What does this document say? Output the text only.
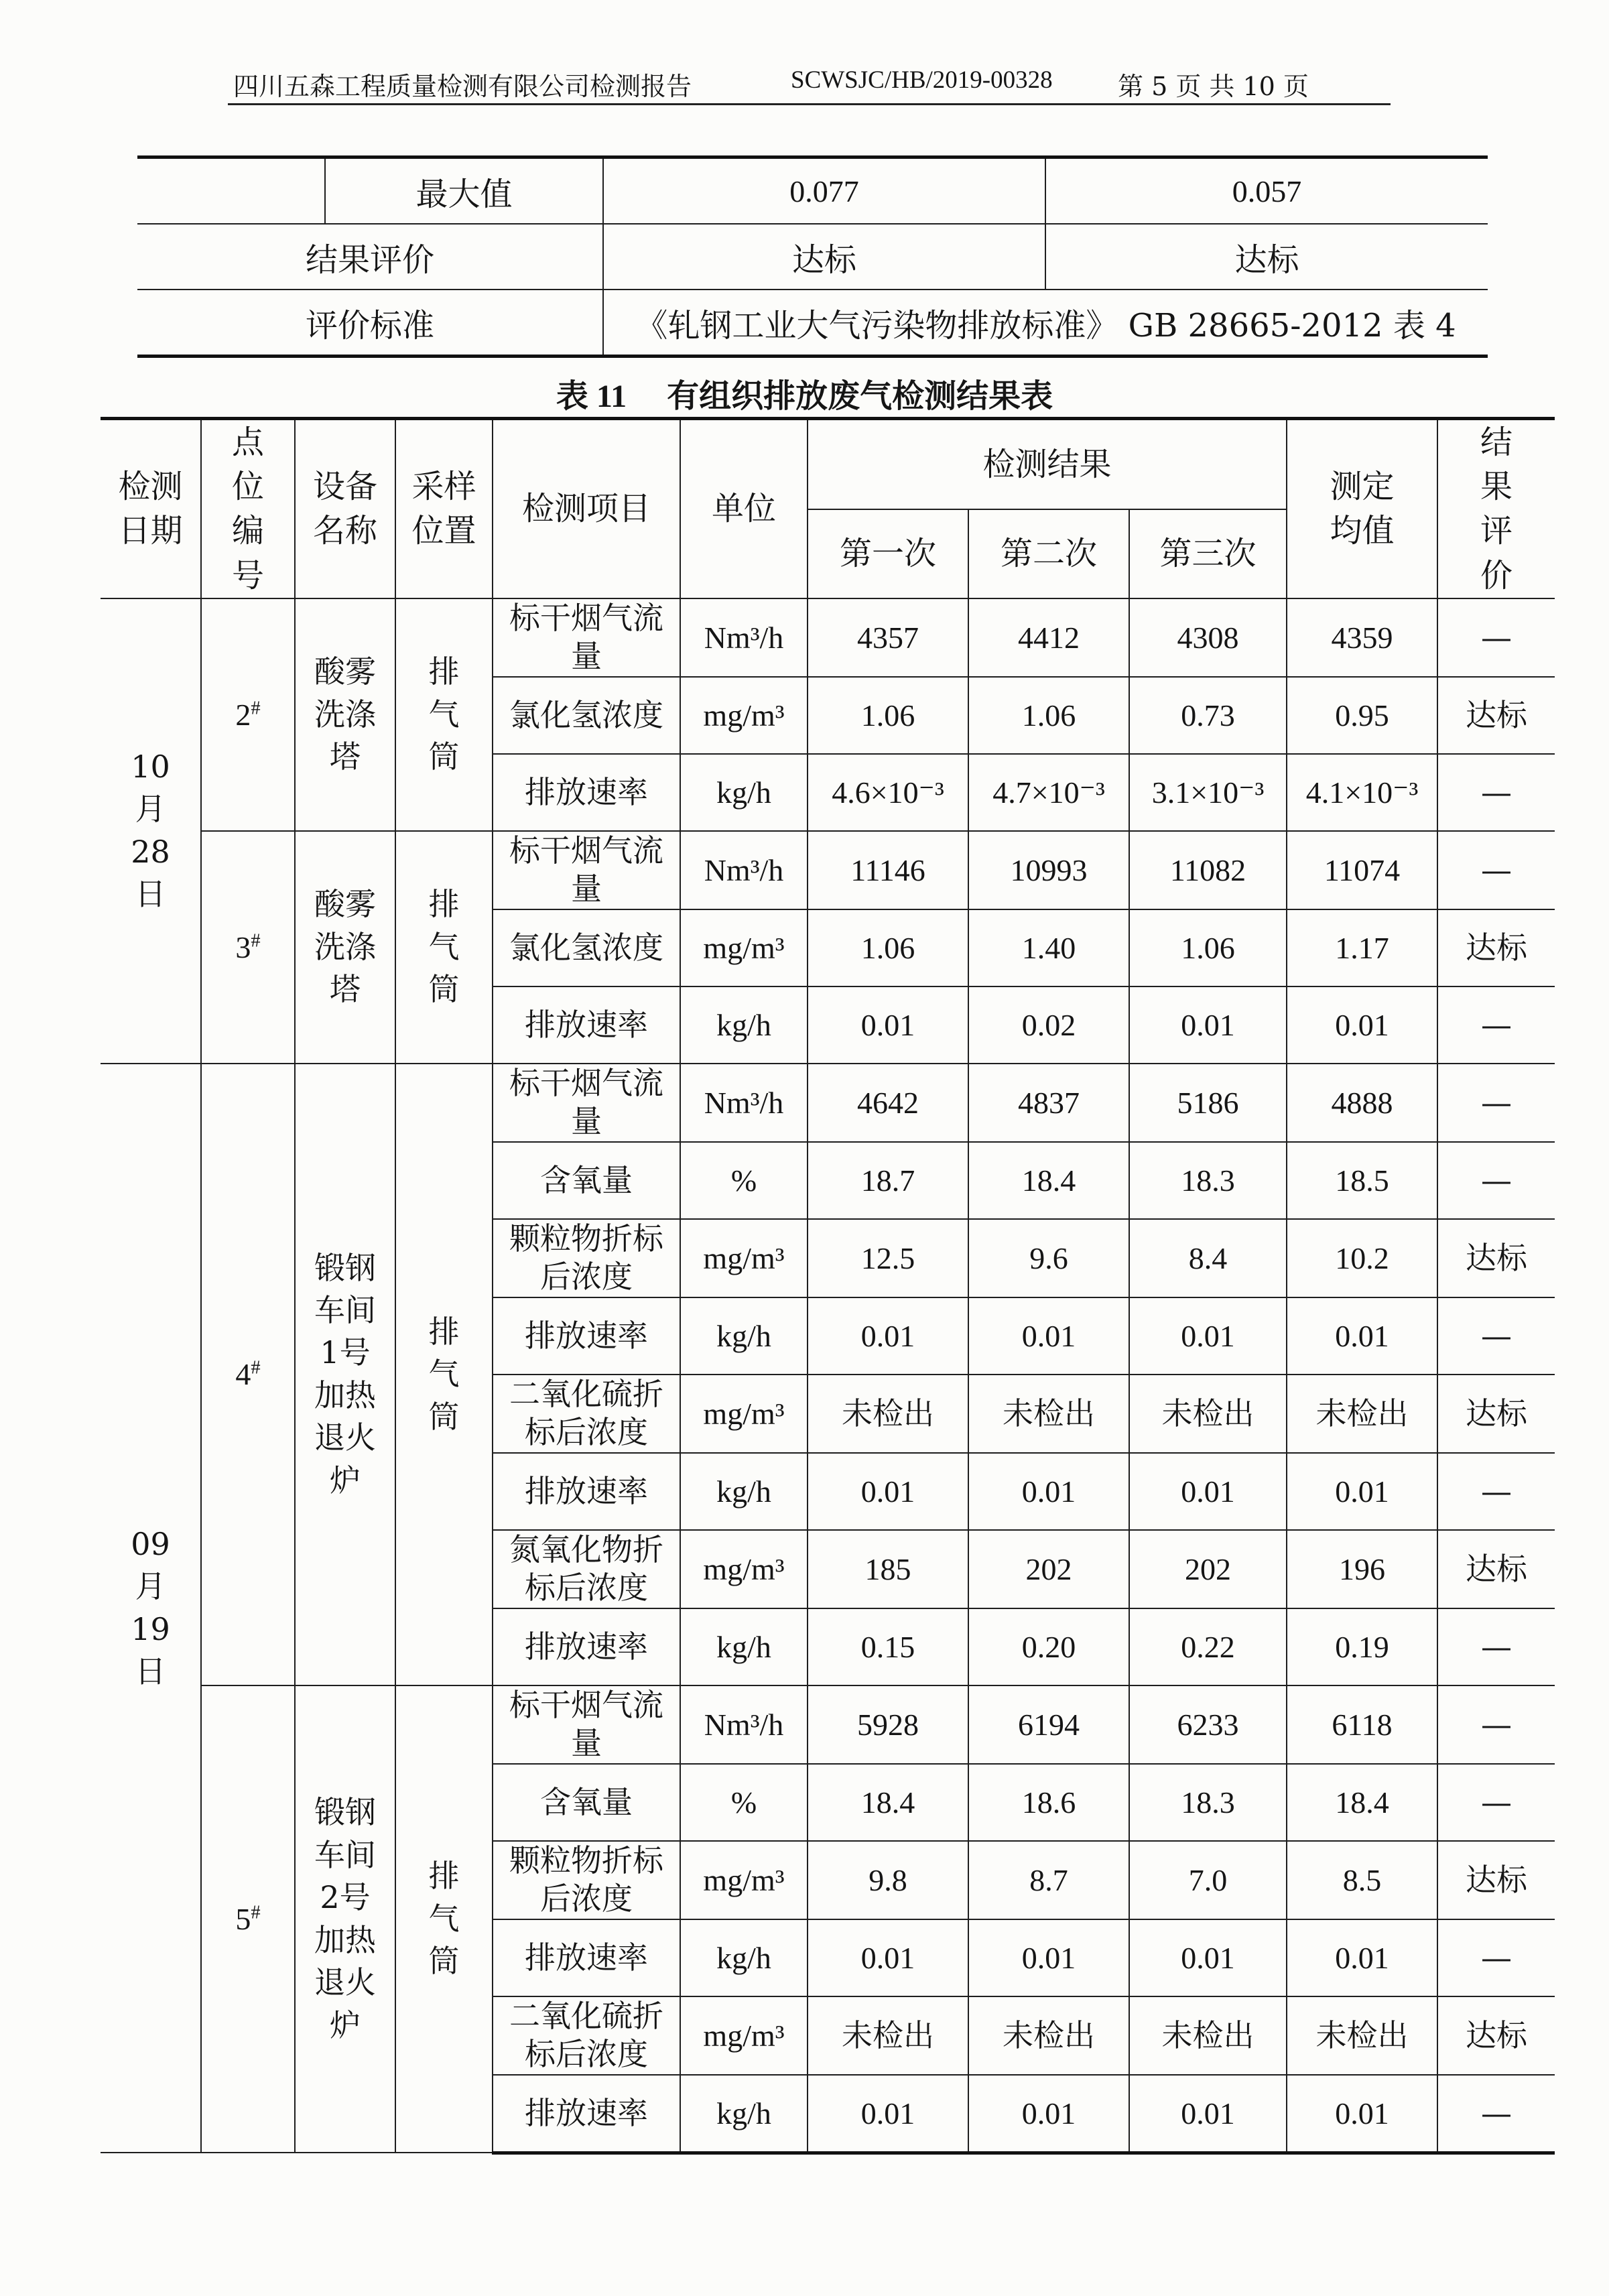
四川五森工程质量检测有限公司检测报告	SCWSJC/HB/2019-00328	第 5 页 共 10 页
	最大值	0.077	0.057
结果评价		达标	达标
评价标准		《轧钢工业大气污染物排放标准》 GB 28665-2012 表 4	
表 11 有组织排放废气检测结果表
检测日期	点位编号	设备名称	采样位置	检测项目	单位	检测结果			测定均值	结果评价
						第一次	第二次	第三次		
10月28日	2#	酸雾洗涤塔	排气筒	标干烟气流量	Nm³/h	4357	4412	4308	4359	—
				氯化氢浓度	mg/m³	1.06	1.06	0.73	0.95	达标
				排放速率	kg/h	4.6×10⁻³	4.7×10⁻³	3.1×10⁻³	4.1×10⁻³	—
	3#	酸雾洗涤塔	排气筒	标干烟气流量	Nm³/h	11146	10993	11082	11074	—
				氯化氢浓度	mg/m³	1.06	1.40	1.06	1.17	达标
				排放速率	kg/h	0.01	0.02	0.01	0.01	—
09月19日	4#	锻钢车间1号加热退火炉	排气筒	标干烟气流量	Nm³/h	4642	4837	5186	4888	—
				含氧量	%	18.7	18.4	18.3	18.5	—
				颗粒物折标后浓度	mg/m³	12.5	9.6	8.4	10.2	达标
				排放速率	kg/h	0.01	0.01	0.01	0.01	—
				二氧化硫折标后浓度	mg/m³	未检出	未检出	未检出	未检出	达标
				排放速率	kg/h	0.01	0.01	0.01	0.01	—
				氮氧化物折标后浓度	mg/m³	185	202	202	196	达标
				排放速率	kg/h	0.15	0.20	0.22	0.19	—
	5#	锻钢车间2号加热退火炉	排气筒	标干烟气流量	Nm³/h	5928	6194	6233	6118	—
				含氧量	%	18.4	18.6	18.3	18.4	—
				颗粒物折标后浓度	mg/m³	9.8	8.7	7.0	8.5	达标
				排放速率	kg/h	0.01	0.01	0.01	0.01	—
				二氧化硫折标后浓度	mg/m³	未检出	未检出	未检出	未检出	达标
				排放速率	kg/h	0.01	0.01	0.01	0.01	—
